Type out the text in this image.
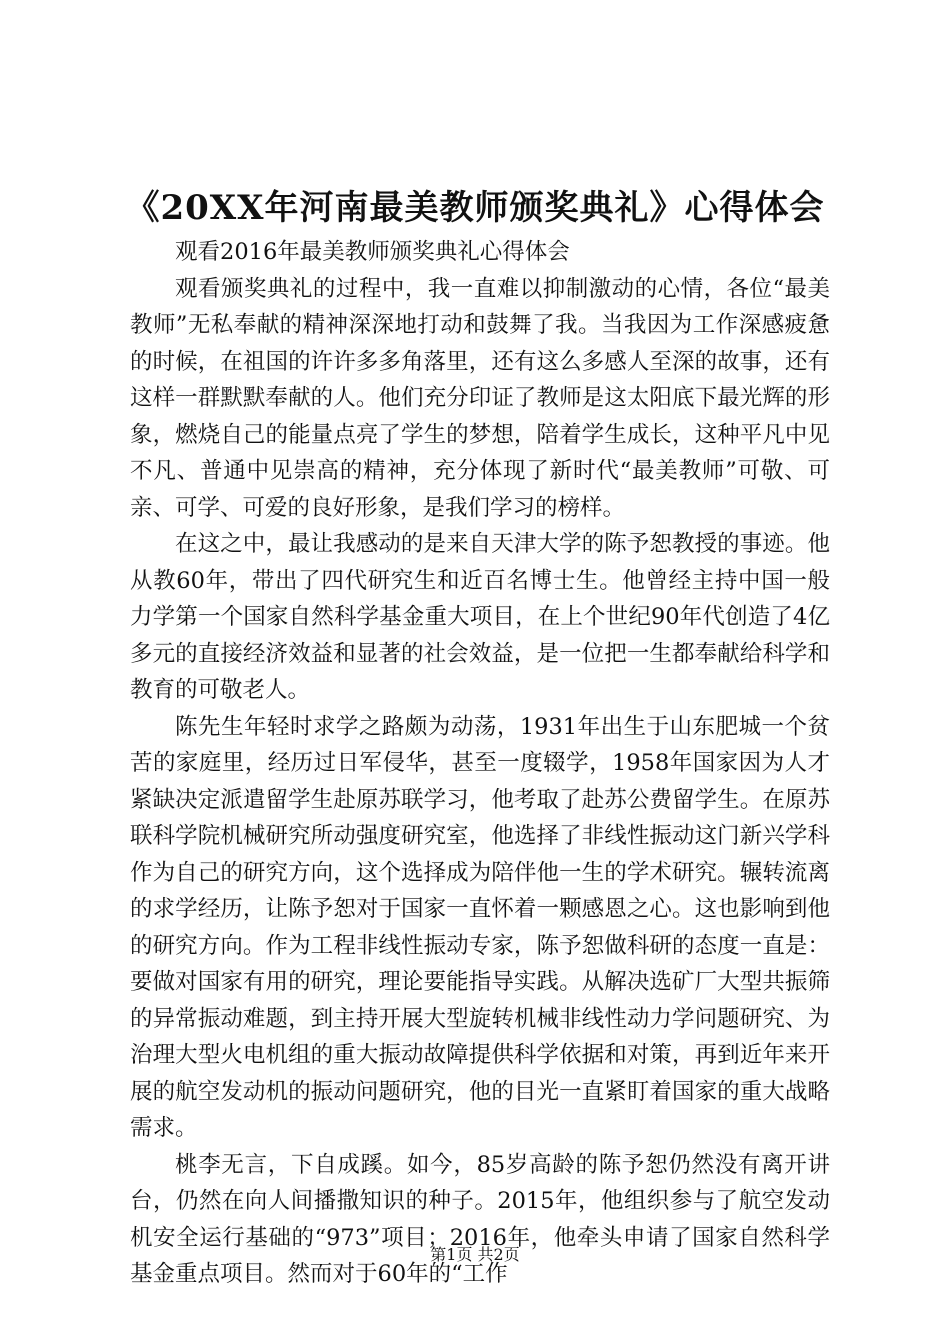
《20XX年河南最美教师颁奖典礼》心得体会

观看2016年最美教师颁奖典礼心得体会

观看颁奖典礼的过程中，我一直难以抑制激动的心情，各位“最美教师”无私奉献的精神深深地打动和鼓舞了我。当我因为工作深感疲惫的时候，在祖国的许许多多角落里，还有这么多感人至深的故事，还有这样一群默默奉献的人。他们充分印证了教师是这太阳底下最光辉的形象，燃烧自己的能量点亮了学生的梦想，陪着学生成长，这种平凡中见不凡、普通中见崇高的精神，充分体现了新时代“最美教师”可敬、可亲、可学、可爱的良好形象，是我们学习的榜样。

在这之中，最让我感动的是来自天津大学的陈予恕教授的事迹。他从教60年，带出了四代研究生和近百名博士生。他曾经主持中国一般力学第一个国家自然科学基金重大项目，在上个世纪90年代创造了4亿多元的直接经济效益和显著的社会效益，是一位把一生都奉献给科学和教育的可敬老人。

陈先生年轻时求学之路颇为动荡，1931年出生于山东肥城一个贫苦的家庭里，经历过日军侵华，甚至一度辍学，1958年国家因为人才紧缺决定派遣留学生赴原苏联学习，他考取了赴苏公费留学生。在原苏联科学院机械研究所动强度研究室，他选择了非线性振动这门新兴学科作为自己的研究方向，这个选择成为陪伴他一生的学术研究。辗转流离的求学经历，让陈予恕对于国家一直怀着一颗感恩之心。这也影响到他的研究方向。作为工程非线性振动专家，陈予恕做科研的态度一直是：要做对国家有用的研究，理论要能指导实践。从解决选矿厂大型共振筛的异常振动难题，到主持开展大型旋转机械非线性动力学问题研究、为治理大型火电机组的重大振动故障提供科学依据和对策，再到近年来开展的航空发动机的振动问题研究，他的目光一直紧盯着国家的重大战略需求。

桃李无言，下自成蹊。如今，85岁高龄的陈予恕仍然没有离开讲台，仍然在向人间播撒知识的种子。2015年，他组织参与了航空发动机安全运行基础的“973”项目；2016年，他牵头申请了国家自然科学基金重点项目。然而对于60年的“工作

第1页 共2页
